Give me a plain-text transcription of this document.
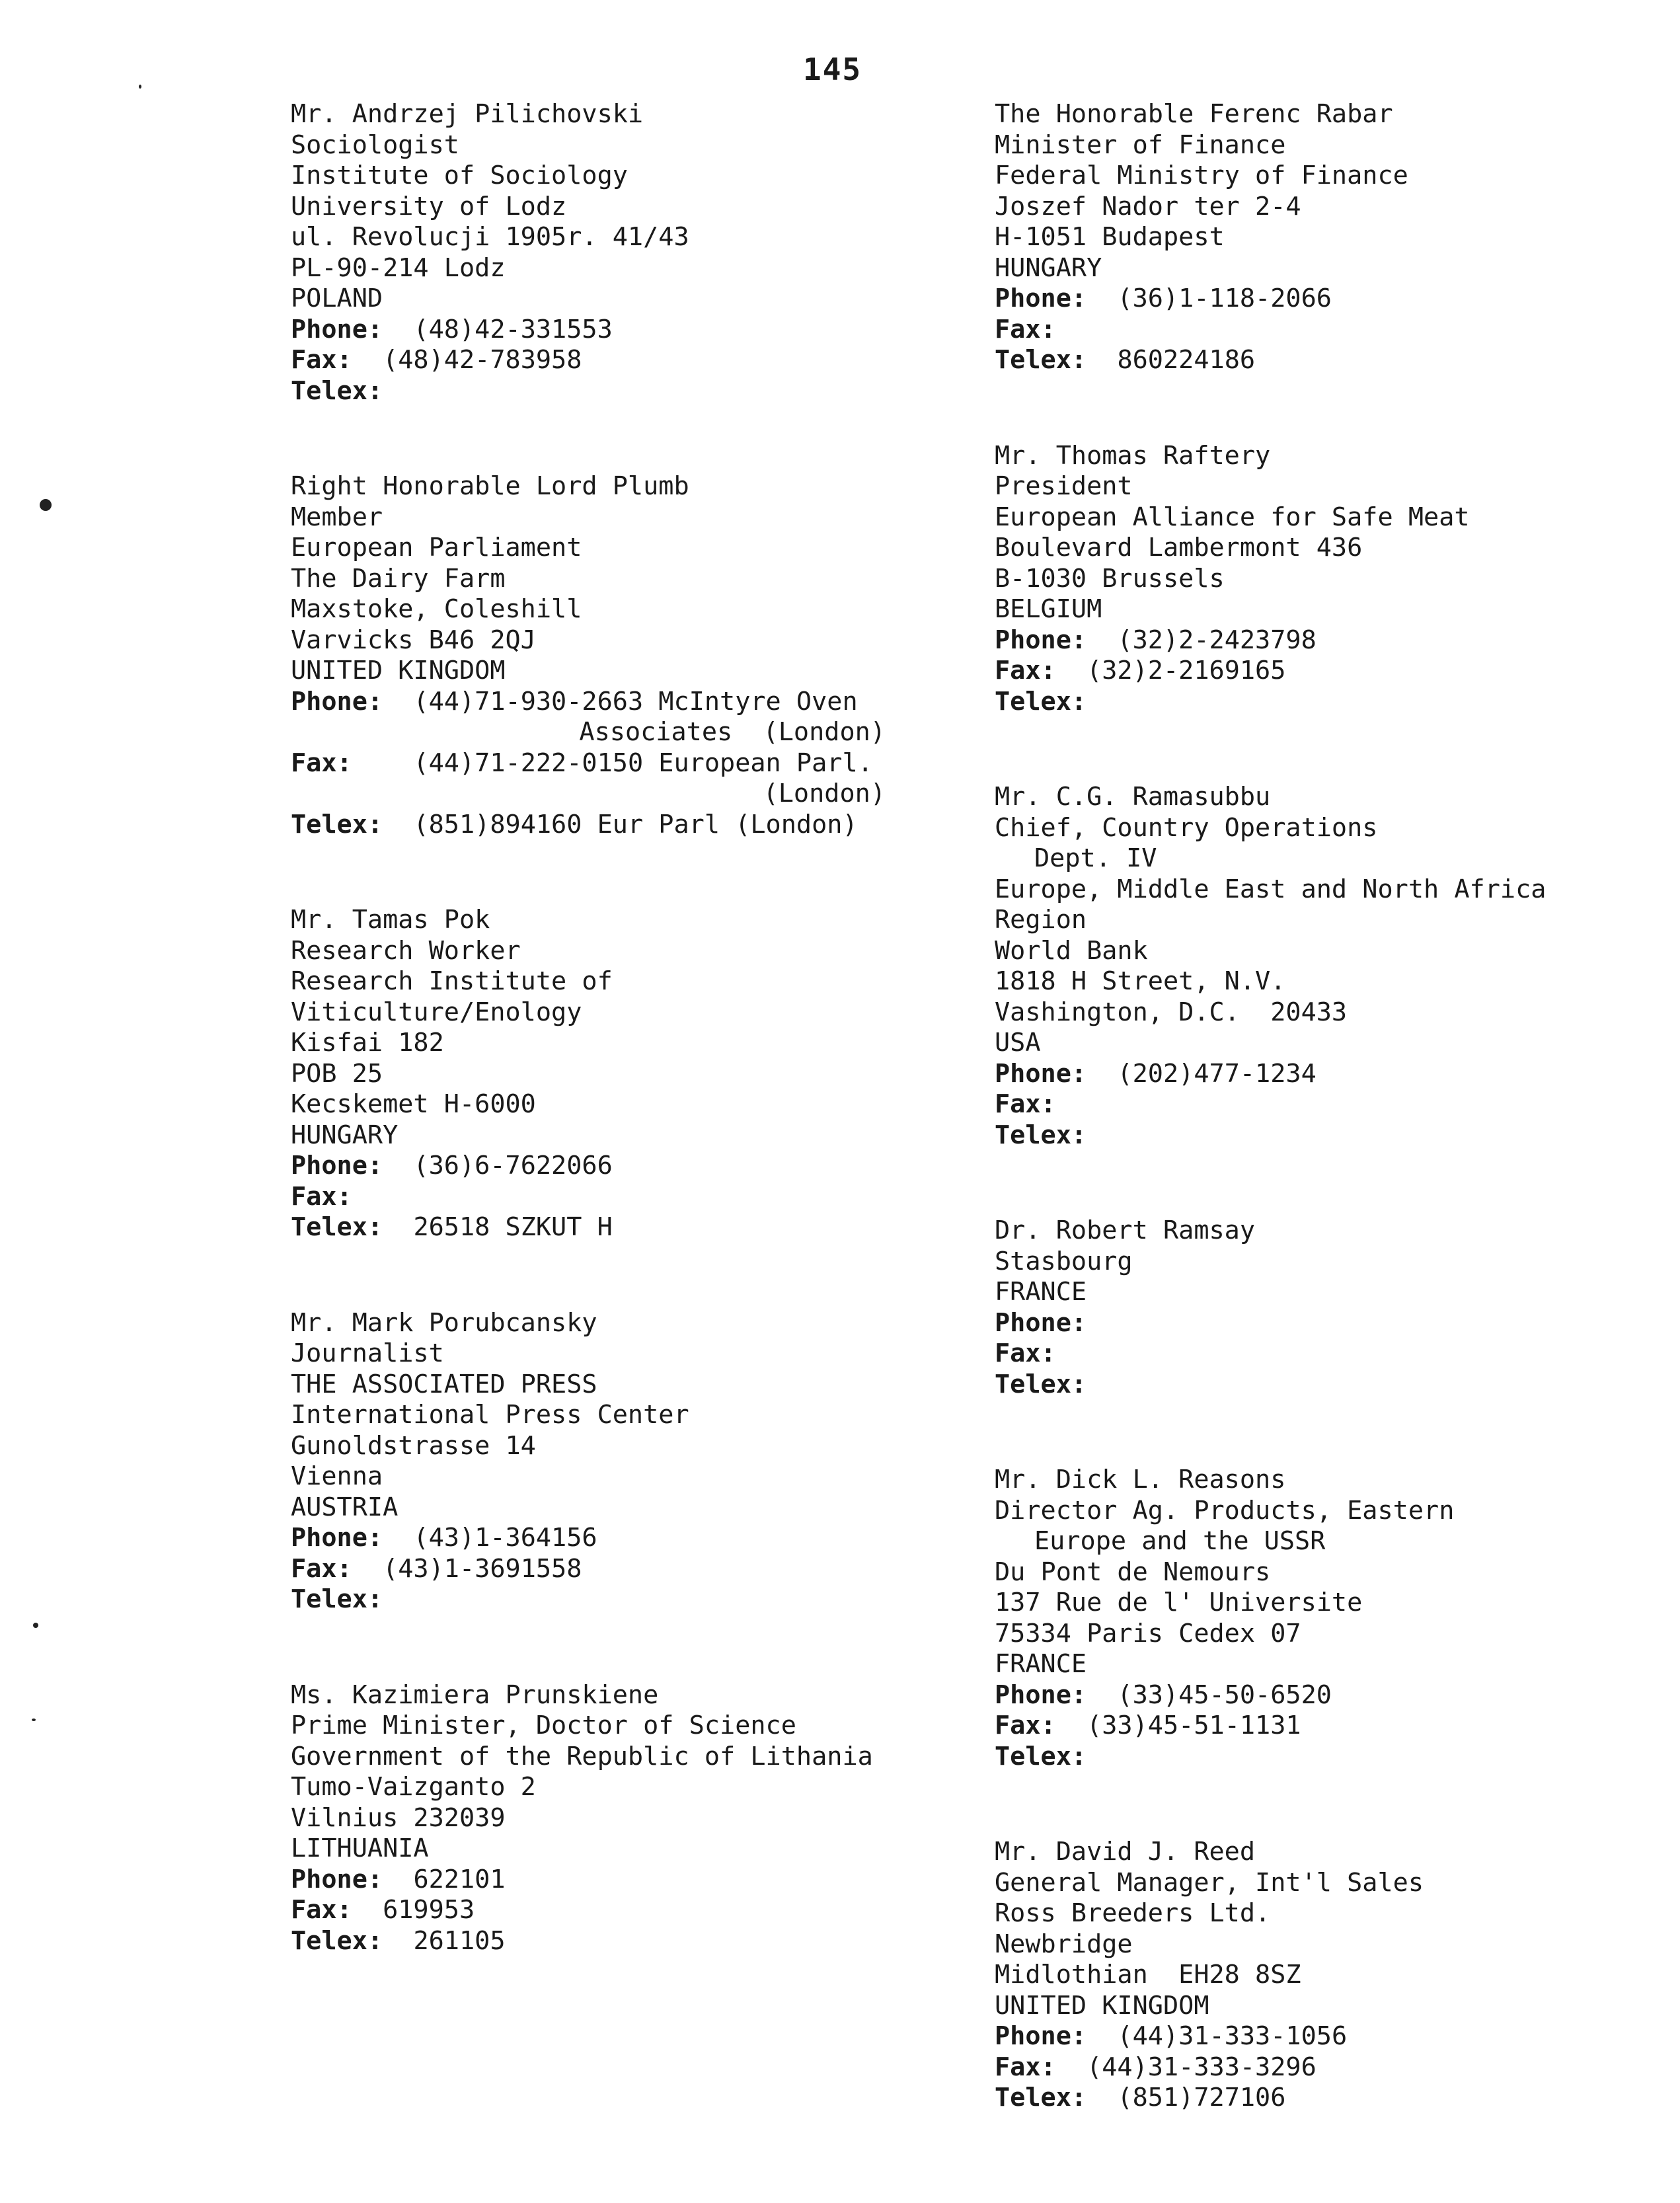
145
Mr. Andrzej Pilichovski
Sociologist
Institute of Sociology
University of Lodz
ul. Revolucji 1905r. 41/43
PL-90-214 Lodz
POLAND
Phone: (48)42-331553
Fax: (48)42-783958
Telex:
Right Honorable Lord Plumb
Member
European Parliament
The Dairy Farm
Maxstoke, Coleshill
Varvicks B46 2QJ
UNITED KINGDOM
Phone: (44)71-930-2663 McIntyre Oven
Associates  (London)
Fax: (44)71-222-0150 European Parl.
(London)
Telex: (851)894160 Eur Parl (London)
Mr. Tamas Pok
Research Worker
Research Institute of
Viticulture/Enology
Kisfai 182
POB 25
Kecskemet H-6000
HUNGARY
Phone: (36)6-7622066
Fax:
Telex: 26518 SZKUT H
Mr. Mark Porubcansky
Journalist
THE ASSOCIATED PRESS
International Press Center
Gunoldstrasse 14
Vienna
AUSTRIA
Phone: (43)1-364156
Fax: (43)1-3691558
Telex:
Ms. Kazimiera Prunskiene
Prime Minister, Doctor of Science
Government of the Republic of Lithania
Tumo-Vaizganto 2
Vilnius 232039
LITHUANIA
Phone: 622101
Fax: 619953
Telex: 261105
The Honorable Ferenc Rabar
Minister of Finance
Federal Ministry of Finance
Joszef Nador ter 2-4
H-1051 Budapest
HUNGARY
Phone: (36)1-118-2066
Fax:
Telex: 860224186
Mr. Thomas Raftery
President
European Alliance for Safe Meat
Boulevard Lambermont 436
B-1030 Brussels
BELGIUM
Phone: (32)2-2423798
Fax: (32)2-2169165
Telex:
Mr. C.G. Ramasubbu
Chief, Country Operations
Dept. IV
Europe, Middle East and North Africa
Region
World Bank
1818 H Street, N.V.
Vashington, D.C.  20433
USA
Phone: (202)477-1234
Fax:
Telex:
Dr. Robert Ramsay
Stasbourg
FRANCE
Phone:
Fax:
Telex:
Mr. Dick L. Reasons
Director Ag. Products, Eastern
Europe and the USSR
Du Pont de Nemours
137 Rue de l' Universite
75334 Paris Cedex 07
FRANCE
Phone: (33)45-50-6520
Fax: (33)45-51-1131
Telex:
Mr. David J. Reed
General Manager, Int'l Sales
Ross Breeders Ltd.
Newbridge
Midlothian  EH28 8SZ
UNITED KINGDOM
Phone: (44)31-333-1056
Fax: (44)31-333-3296
Telex: (851)727106
